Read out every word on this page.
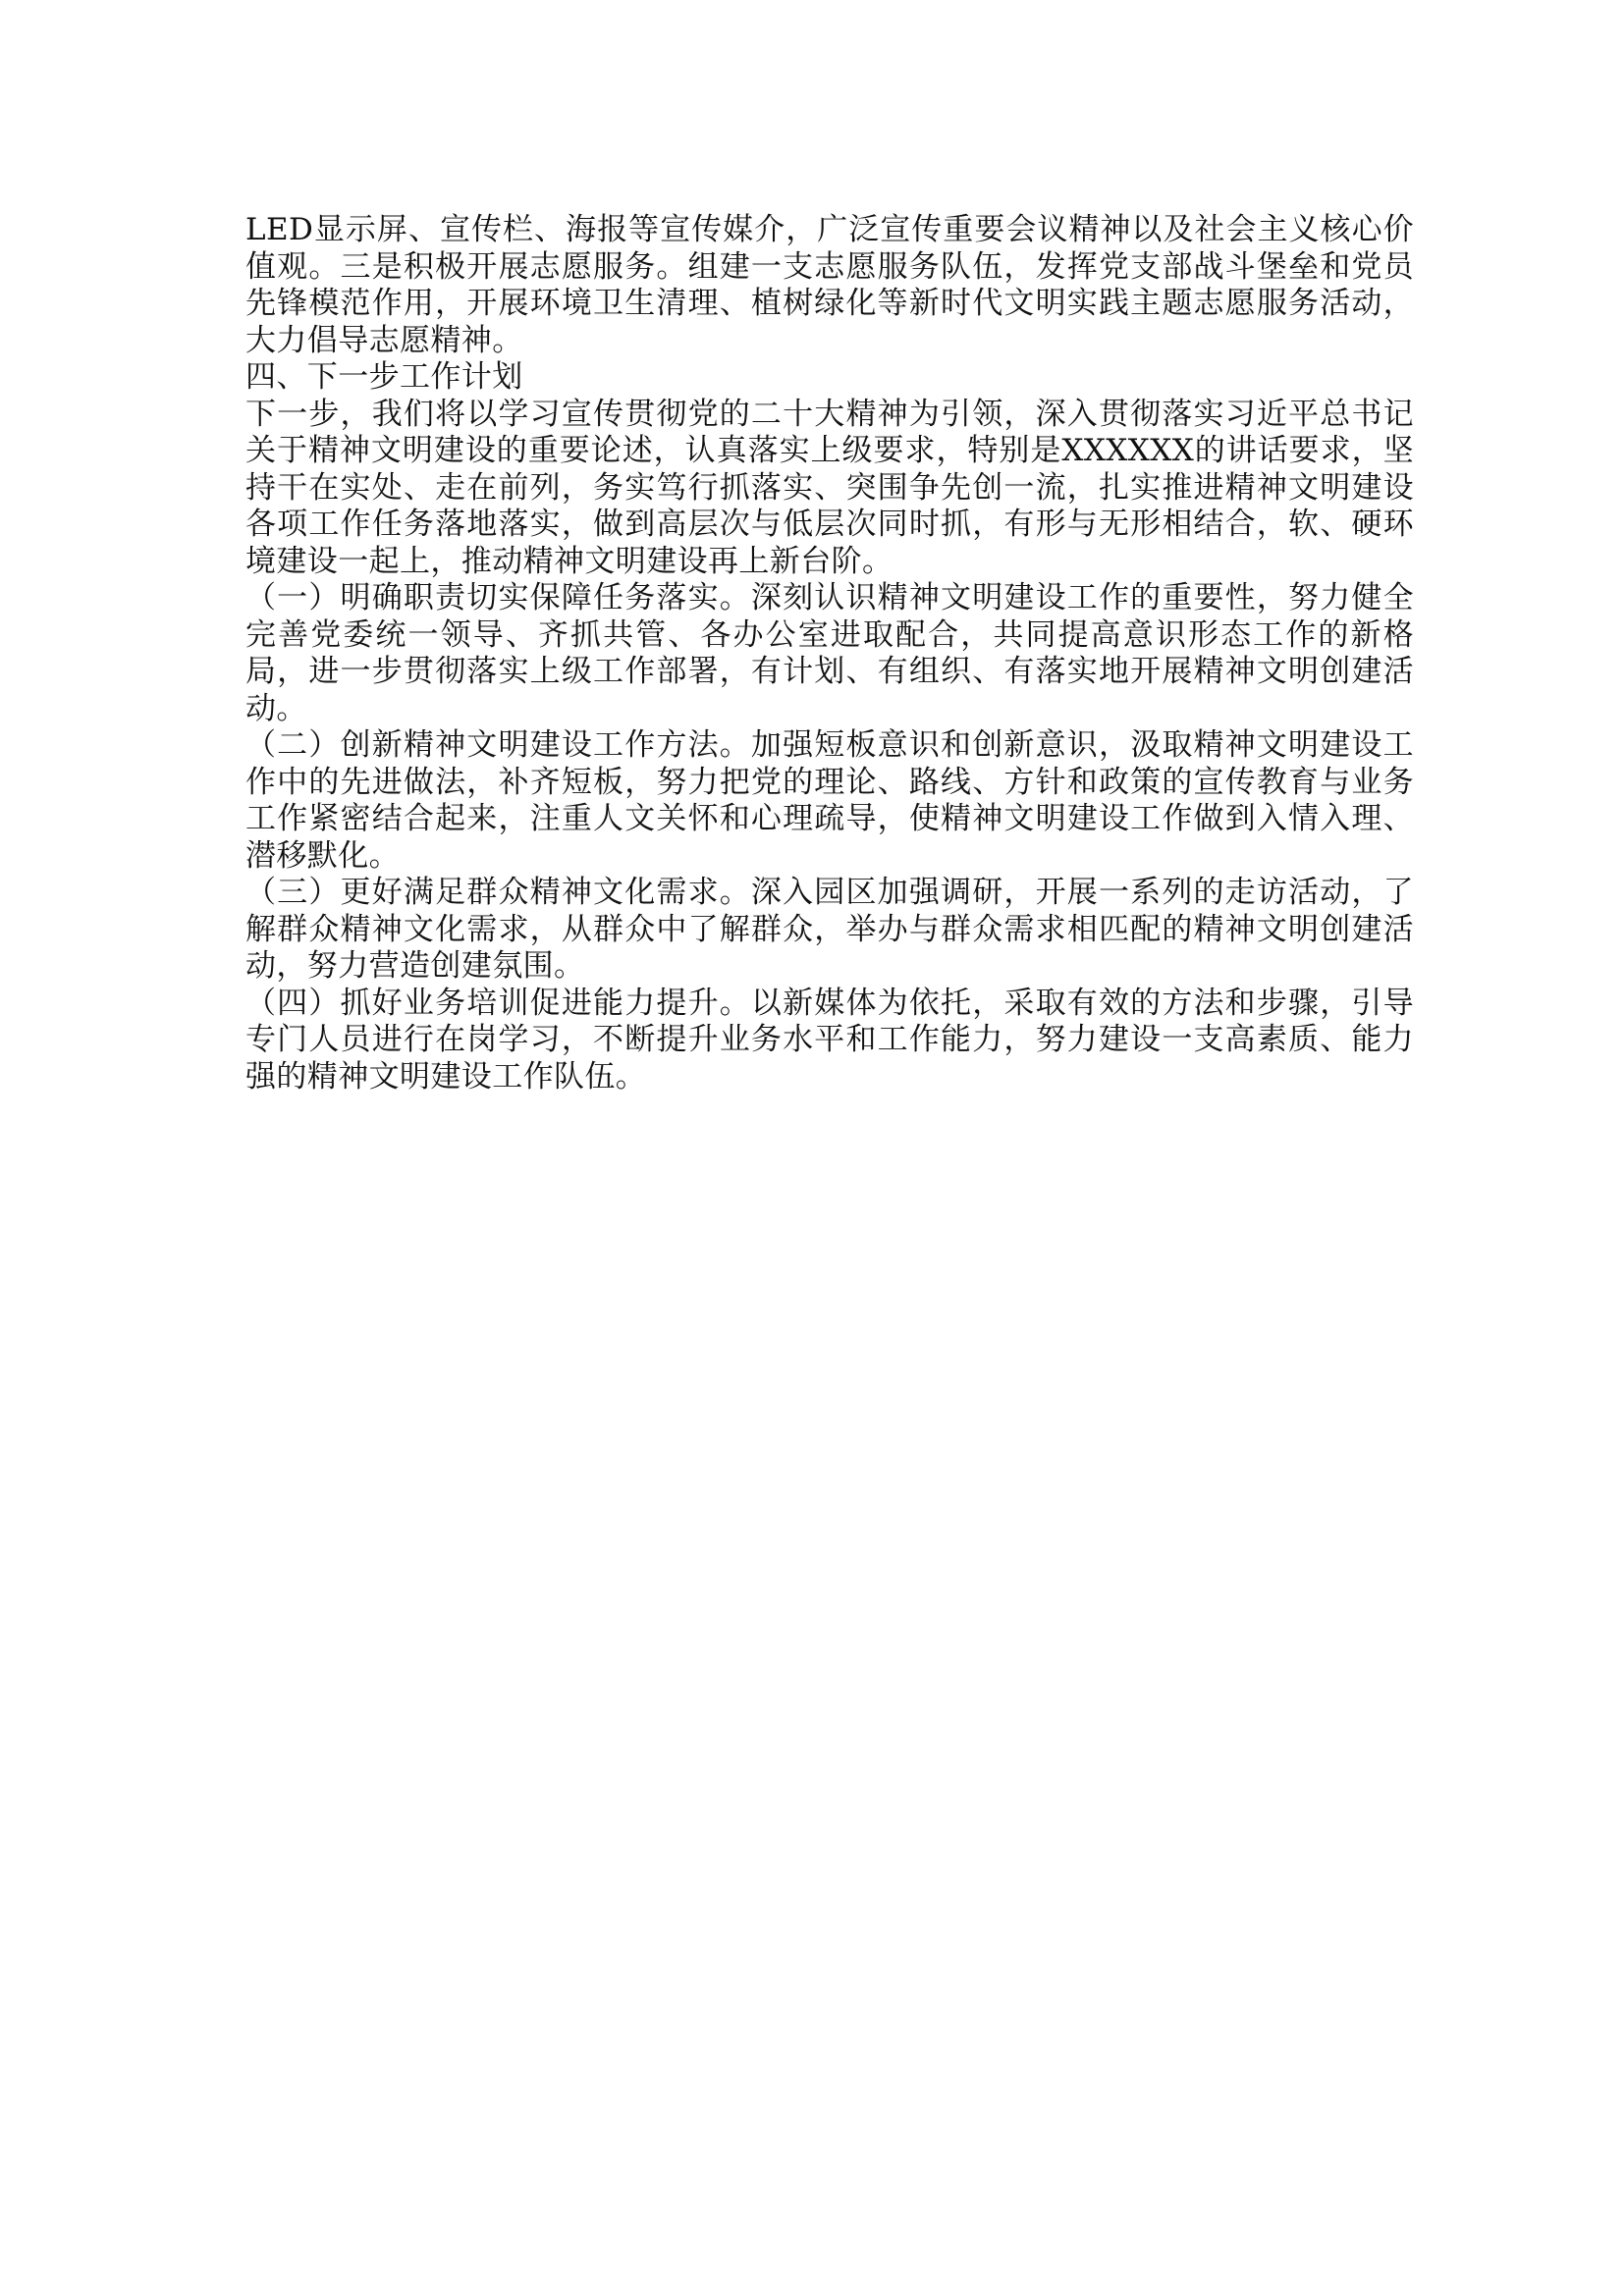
LED显示屏、宣传栏、海报等宣传媒介，广泛宣传重要会议精神以及社会主义核心价值观。三是积极开展志愿服务。组建一支志愿服务队伍，发挥党支部战斗堡垒和党员先锋模范作用，开展环境卫生清理、植树绿化等新时代文明实践主题志愿服务活动，大力倡导志愿精神。

四、下一步工作计划

下一步，我们将以学习宣传贯彻党的二十大精神为引领，深入贯彻落实习近平总书记关于精神文明建设的重要论述，认真落实上级要求，特别是XXXXXX的讲话要求，坚持干在实处、走在前列，务实笃行抓落实、突围争先创一流，扎实推进精神文明建设各项工作任务落地落实，做到高层次与低层次同时抓，有形与无形相结合，软、硬环境建设一起上，推动精神文明建设再上新台阶。

（一）明确职责切实保障任务落实。深刻认识精神文明建设工作的重要性，努力健全完善党委统一领导、齐抓共管、各办公室进取配合，共同提高意识形态工作的新格局，进一步贯彻落实上级工作部署，有计划、有组织、有落实地开展精神文明创建活动。

（二）创新精神文明建设工作方法。加强短板意识和创新意识，汲取精神文明建设工作中的先进做法，补齐短板，努力把党的理论、路线、方针和政策的宣传教育与业务工作紧密结合起来，注重人文关怀和心理疏导，使精神文明建设工作做到入情入理、潜移默化。

（三）更好满足群众精神文化需求。深入园区加强调研，开展一系列的走访活动，了解群众精神文化需求，从群众中了解群众，举办与群众需求相匹配的精神文明创建活动，努力营造创建氛围。

（四）抓好业务培训促进能力提升。以新媒体为依托，采取有效的方法和步骤，引导专门人员进行在岗学习，不断提升业务水平和工作能力，努力建设一支高素质、能力强的精神文明建设工作队伍。
